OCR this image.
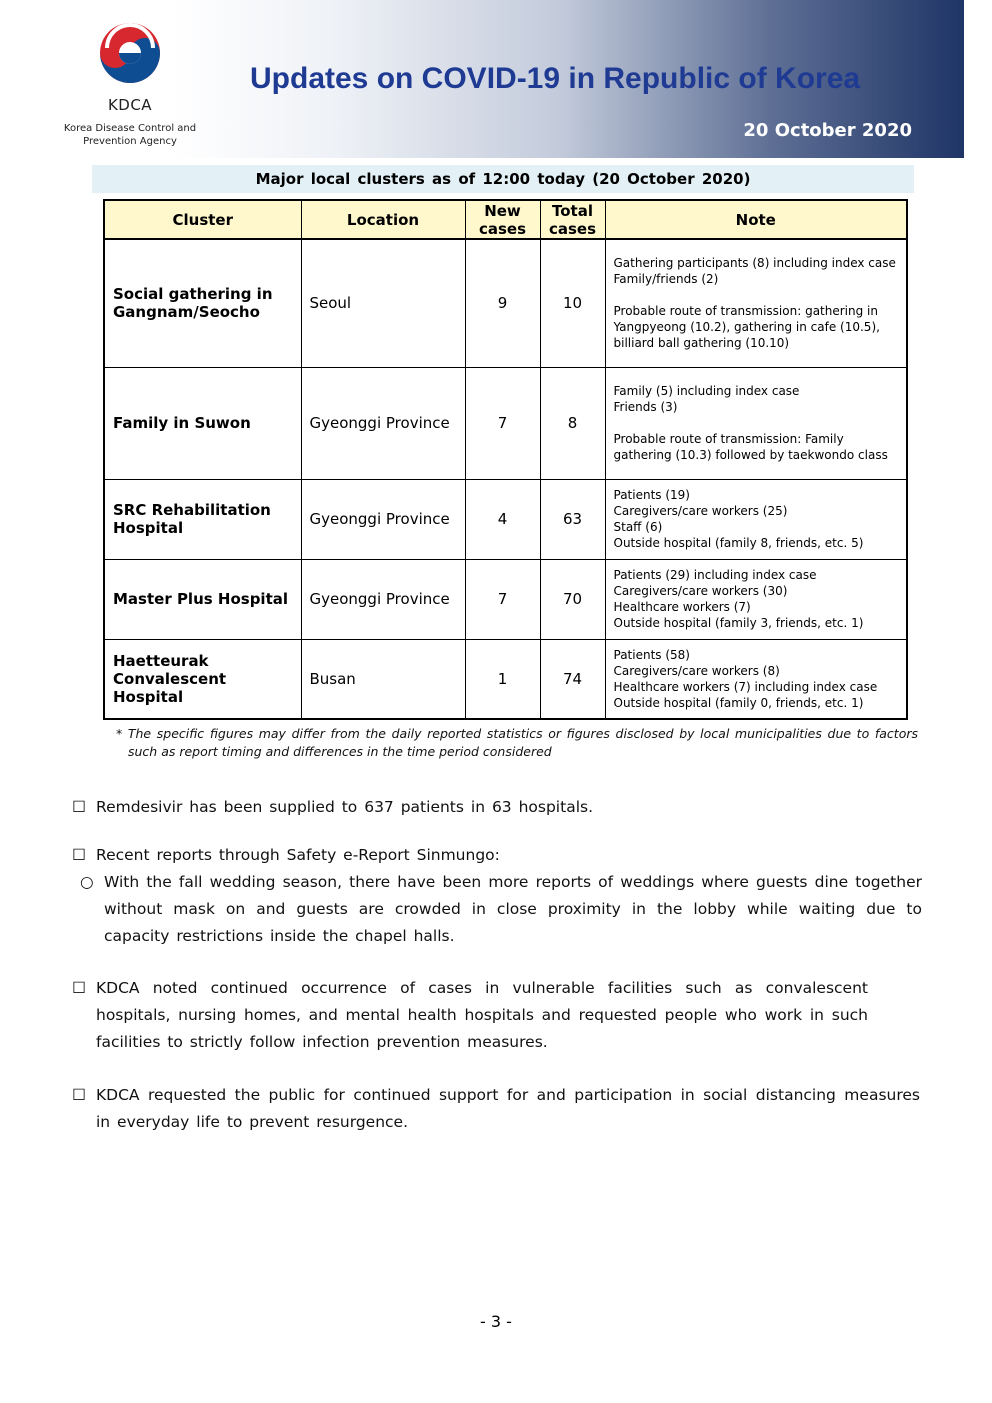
KDCA
Korea Disease Control and
Prevention Agency
Updates on COVID-19 in Republic of Korea
20 October 2020
Major local clusters as of 12:00 today (20 October 2020)
Cluster	Location	New cases	Total cases	Note
Social gathering in Gangnam/Seocho	Seoul	9	10	Gathering participants (8) including index case
Family/friends (2)

Probable route of transmission: gathering in Yangpyeong (10.2), gathering in cafe (10.5), billiard ball gathering (10.10)
Family in Suwon	Gyeonggi Province	7	8	Family (5) including index case
Friends (3)

Probable route of transmission: Family gathering (10.3) followed by taekwondo class
SRC Rehabilitation Hospital	Gyeonggi Province	4	63	Patients (19)
Caregivers/care workers (25)
Staff (6)
Outside hospital (family 8, friends, etc. 5)
Master Plus Hospital	Gyeonggi Province	7	70	Patients (29) including index case
Caregivers/care workers (30)
Healthcare workers (7)
Outside hospital (family 3, friends, etc. 1)
Haetteurak Convalescent Hospital	Busan	1	74	Patients (58)
Caregivers/care workers (8)
Healthcare workers (7) including index case
Outside hospital (family 0, friends, etc. 1)
* The specific figures may differ from the daily reported statistics or figures disclosed by local municipalities due to factors such as report timing and differences in the time period considered
☐ Remdesivir has been supplied to 637 patients in 63 hospitals.
☐ Recent reports through Safety e-Report Sinmungo:
○ With the fall wedding season, there have been more reports of weddings where guests dine together without mask on and guests are crowded in close proximity in the lobby while waiting due to capacity restrictions inside the chapel halls.
☐ KDCA noted continued occurrence of cases in vulnerable facilities such as convalescent hospitals, nursing homes, and mental health hospitals and requested people who work in such facilities to strictly follow infection prevention measures.
☐ KDCA requested the public for continued support for and participation in social distancing measures in everyday life to prevent resurgence.
- 3 -
